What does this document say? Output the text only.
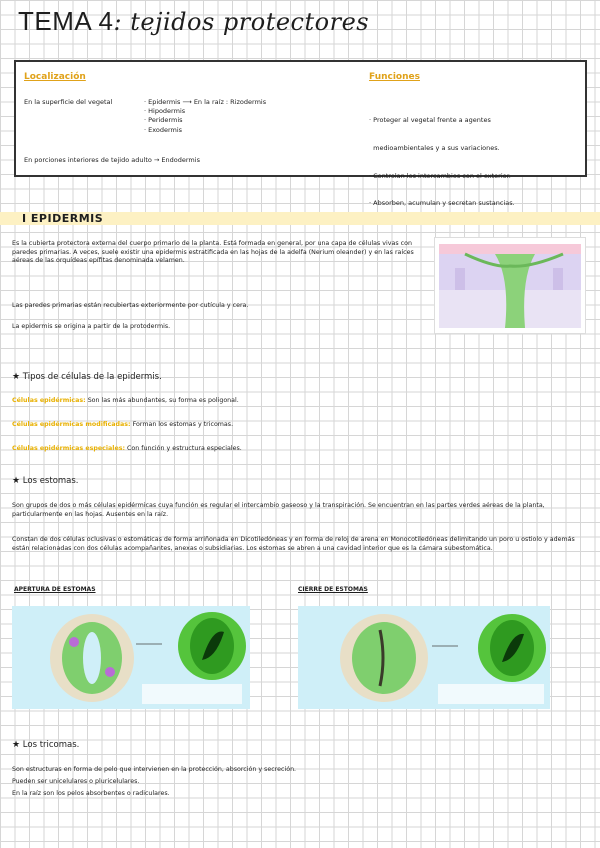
TEMA 4: tejidos protectores
Localización	Funciones
En la superficie del vegetal	· Epidermis ⟶ En la raíz : Rizodermis
· Hipodermis
· Peridermis
· Exodermis
En porciones interiores de tejido adulto → Endodermis

· Proteger al vegetal frente a agentes

medioambientales y a sus variaciones.

· Controlan los intercambios con el exterior.

· Absorben, acumulan y secretan sustancias.

I EPIDERMIS
Es la cubierta protectora externa del cuerpo primario de la planta. Está formada en general, por una capa de células vivas con paredes primarias. A veces, suele existir una epidermis estratificada en las hojas de la adelfa (Nerium oleander) y en las raíces aéreas de las orquídeas epífitas denominada velamen.
Las paredes primarias están recubiertas exteriormente por cutícula y cera.
La epidermis se origina a partir de la protodermis.
★ Tipos de células de la epidermis.
Células epidérmicas: Son las más abundantes, su forma es poligonal.
Células epidérmicas modificadas: Forman los estomas y tricomas.
Células epidérmicas especiales: Con función y estructura especiales.
★ Los estomas.
Son grupos de dos o más células epidérmicas cuya función es regular el intercambio gaseoso y la transpiración. Se encuentran en las partes verdes aéreas de la planta, particularmente en las hojas. Ausentes en la raíz.
Constan de dos células oclusivas o estomáticas de forma arriñonada en Dicotiledóneas y en forma de reloj de arena en Monocotiledóneas delimitando un poro u ostiolo y además están relacionadas con dos células acompañantes, anexas o subsidiarias. Los estomas se abren a una cavidad interior que es la cámara subestomática.
APERTURA DE ESTOMAS	CIERRE DE ESTOMAS
★ Los tricomas.
Son estructuras en forma de pelo que intervienen en la protección, absorción y secreción.
Pueden ser unicelulares o pluricelulares.
En la raíz son los pelos absorbentes o radiculares.
